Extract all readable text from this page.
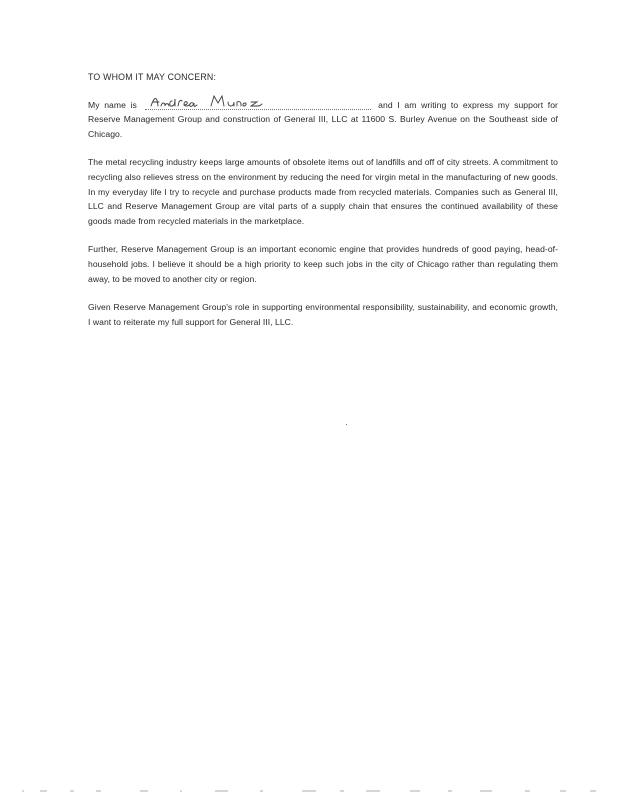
TO WHOM IT MAY CONCERN:

My name is	and I am writing to express my support for Reserve Management Group and construction of General III, LLC at 11600 S. Burley Avenue on the Southeast side of Chicago.

The metal recycling industry keeps large amounts of obsolete items out of landfills and off of city streets. A commitment to recycling also relieves stress on the environment by reducing the need for virgin metal in the manufacturing of new goods. In my everyday life I try to recycle and purchase products made from recycled materials. Companies such as General III, LLC and Reserve Management Group are vital parts of a supply chain that ensures the continued availability of these goods made from recycled materials in the marketplace.

Further, Reserve Management Group is an important economic engine that provides hundreds of good paying, head-of-household jobs. I believe it should be a high priority to keep such jobs in the city of Chicago rather than regulating them away, to be moved to another city or region.

Given Reserve Management Group's role in supporting environmental responsibility, sustainability, and economic growth, I want to reiterate my full support for General III, LLC.
